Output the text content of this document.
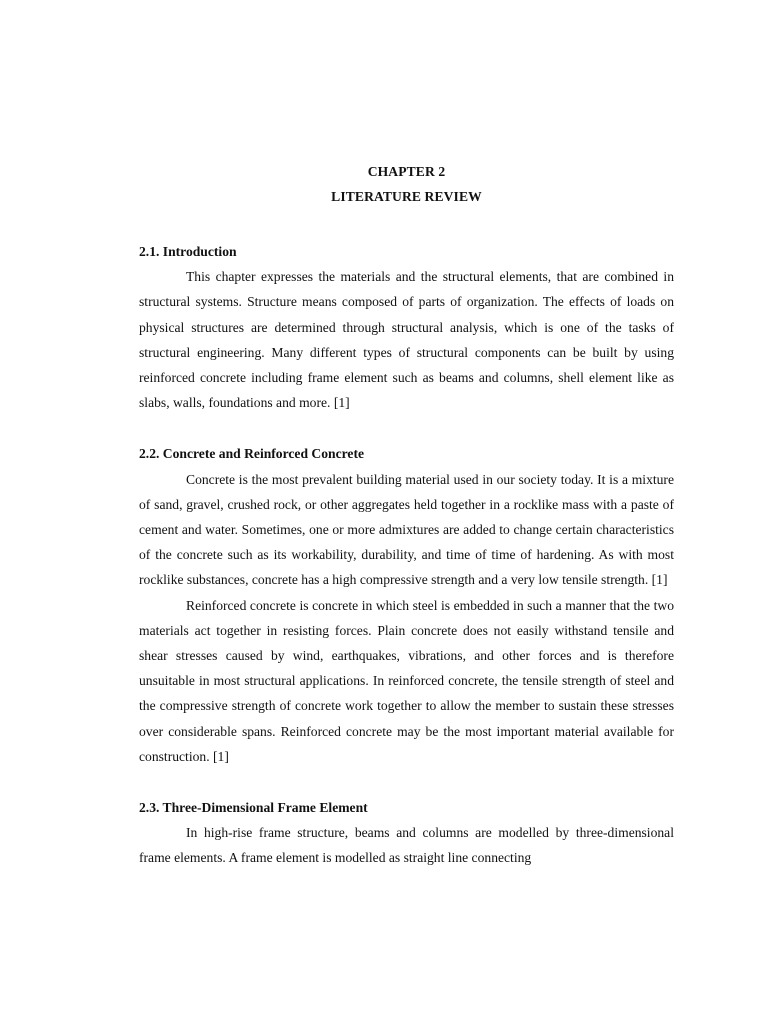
CHAPTER 2

LITERATURE REVIEW

2.1. Introduction

This chapter expresses the materials and the structural elements, that are combined in structural systems. Structure means composed of parts of organization. The effects of loads on physical structures are determined through structural analysis, which is one of the tasks of structural engineering. Many different types of structural components can be built by using reinforced concrete including frame element such as beams and columns, shell element like as slabs, walls, foundations and more. [1]

2.2. Concrete and Reinforced Concrete

Concrete is the most prevalent building material used in our society today. It is a mixture of sand, gravel, crushed rock, or other aggregates held together in a rocklike mass with a paste of cement and water. Sometimes, one or more admixtures are added to change certain characteristics of the concrete such as its workability, durability, and time of time of hardening. As with most rocklike substances, concrete has a high compressive strength and a very low tensile strength. [1]

Reinforced concrete is concrete in which steel is embedded in such a manner that the two materials act together in resisting forces. Plain concrete does not easily withstand tensile and shear stresses caused by wind, earthquakes, vibrations, and other forces and is therefore unsuitable in most structural applications. In reinforced concrete, the tensile strength of steel and the compressive strength of concrete work together to allow the member to sustain these stresses over considerable spans. Reinforced concrete may be the most important material available for construction. [1]

2.3. Three-Dimensional Frame Element

In high-rise frame structure, beams and columns are modelled by three-dimensional frame elements. A frame element is modelled as straight line connecting
